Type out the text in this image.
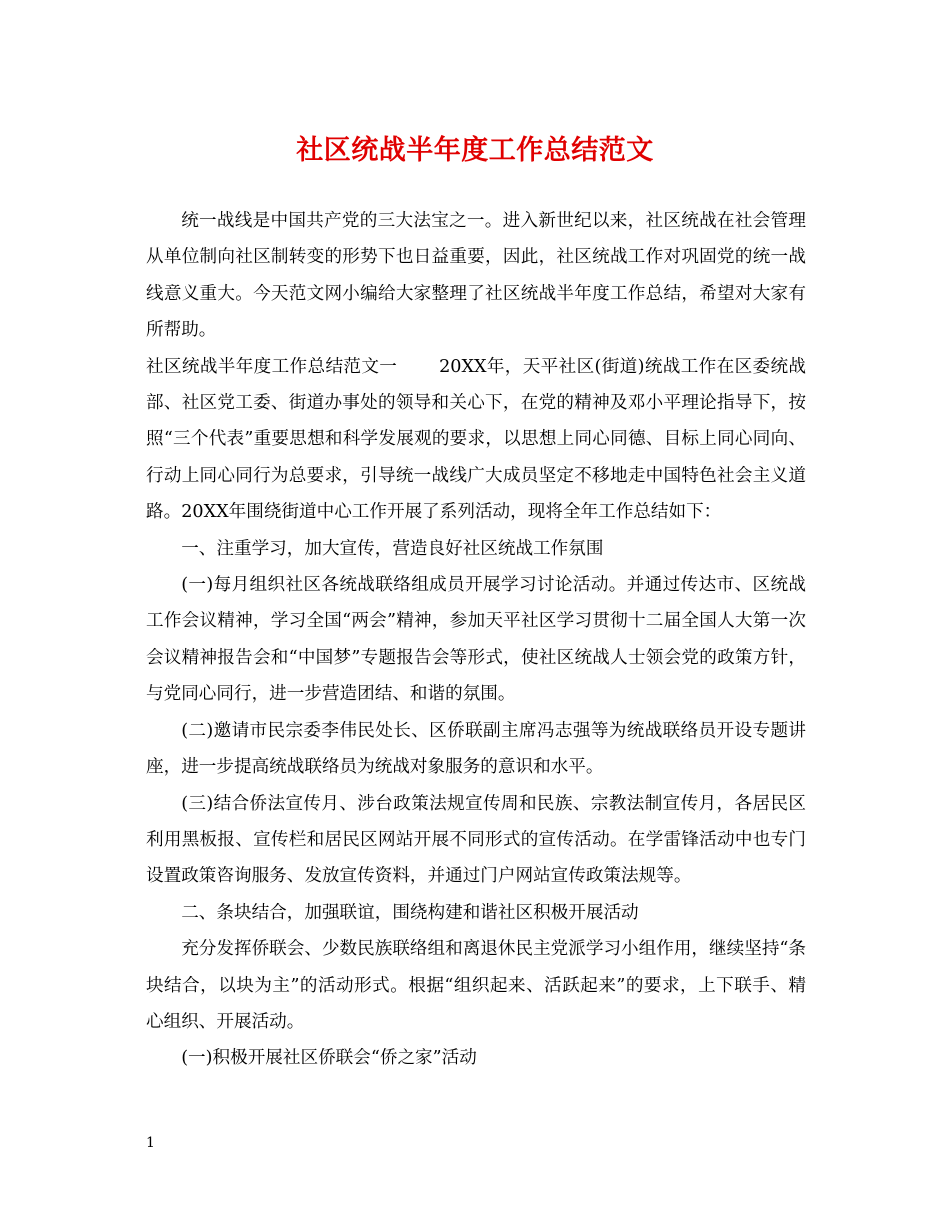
社区统战半年度工作总结范文

统一战线是中国共产党的三大法宝之一。进入新世纪以来，社区统战在社会管理从单位制向社区制转变的形势下也日益重要，因此，社区统战工作对巩固党的统一战线意义重大。今天范文网小编给大家整理了社区统战半年度工作总结，希望对大家有所帮助。

社区统战半年度工作总结范文一　　 20XX年，天平社区(街道)统战工作在区委统战部、社区党工委、街道办事处的领导和关心下，在党的精神及邓小平理论指导下，按照“三个代表”重要思想和科学发展观的要求，以思想上同心同德、目标上同心同向、行动上同心同行为总要求，引导统一战线广大成员坚定不移地走中国特色社会主义道路。20XX年围绕街道中心工作开展了系列活动，现将全年工作总结如下：

一、注重学习，加大宣传，营造良好社区统战工作氛围

(一)每月组织社区各统战联络组成员开展学习讨论活动。并通过传达市、区统战工作会议精神，学习全国“两会”精神，参加天平社区学习贯彻十二届全国人大第一次会议精神报告会和“中国梦”专题报告会等形式，使社区统战人士领会党的政策方针，与党同心同行，进一步营造团结、和谐的氛围。

(二)邀请市民宗委李伟民处长、区侨联副主席冯志强等为统战联络员开设专题讲座，进一步提高统战联络员为统战对象服务的意识和水平。

(三)结合侨法宣传月、涉台政策法规宣传周和民族、宗教法制宣传月，各居民区利用黑板报、宣传栏和居民区网站开展不同形式的宣传活动。在学雷锋活动中也专门设置政策咨询服务、发放宣传资料，并通过门户网站宣传政策法规等。

二、条块结合，加强联谊，围绕构建和谐社区积极开展活动

充分发挥侨联会、少数民族联络组和离退休民主党派学习小组作用，继续坚持“条块结合，以块为主”的活动形式。根据“组织起来、活跃起来”的要求，上下联手、精心组织、开展活动。

(一)积极开展社区侨联会“侨之家”活动

1
